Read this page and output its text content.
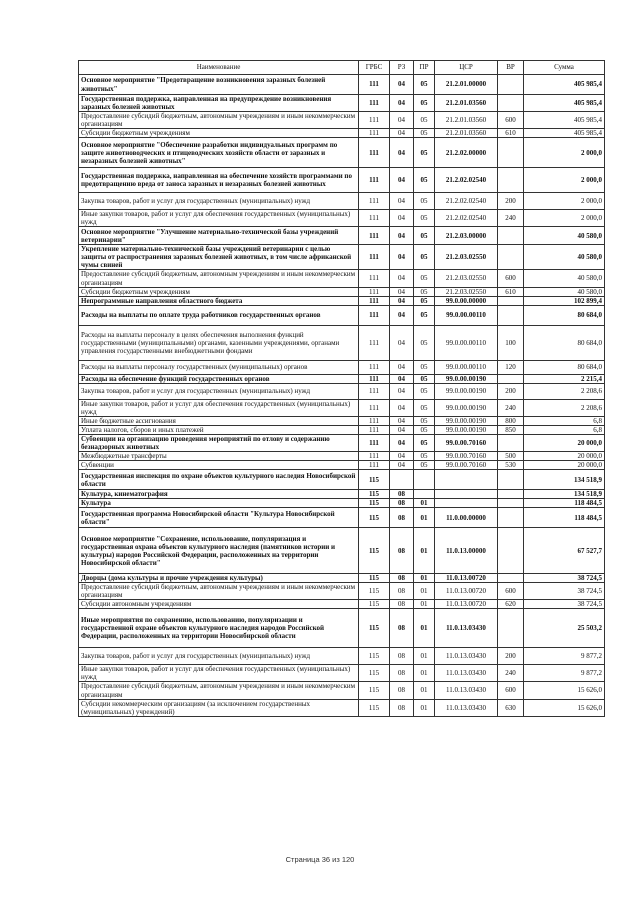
Наименование	ГРБС	РЗ	ПР	ЦСР	ВР	Сумма
Основное мероприятие "Предотвращение возникновения заразных болезней животных"	111	04	05	21.2.01.00000		405 985,4
Государственная поддержка, направленная на предупреждение возникновения заразных болезней животных	111	04	05	21.2.01.03560		405 985,4
Предоставление субсидий бюджетным, автономным учреждениям и иным некоммерческим организациям	111	04	05	21.2.01.03560	600	405 985,4
Субсидии бюджетным учреждениям	111	04	05	21.2.01.03560	610	405 985,4
Основное мероприятие "Обеспечение разработки индивидуальных программ по защите животноводческих и птицеводческих хозяйств области от заразных и незаразных болезней животных"	111	04	05	21.2.02.00000		2 000,0
Государственная поддержка, направленная на обеспечение хозяйств программами по предотвращению вреда от заноса заразных и незаразных болезней животных	111	04	05	21.2.02.02540		2 000,0
Закупка товаров, работ и услуг для государственных (муниципальных) нужд	111	04	05	21.2.02.02540	200	2 000,0
Иные закупки товаров, работ и услуг для обеспечения государственных (муниципальных) нужд	111	04	05	21.2.02.02540	240	2 000,0
Основное мероприятие "Улучшение материально-технической базы учреждений ветеринарии"	111	04	05	21.2.03.00000		40 580,0
Укрепление материально-технической базы учреждений ветеринарии с целью защиты от распространения заразных болезней животных, в том числе африканской чумы свиней	111	04	05	21.2.03.02550		40 580,0
Предоставление субсидий бюджетным, автономным учреждениям и иным некоммерческим организациям	111	04	05	21.2.03.02550	600	40 580,0
Субсидии бюджетным учреждениям	111	04	05	21.2.03.02550	610	40 580,0
Непрограммные направления областного бюджета	111	04	05	99.0.00.00000		102 899,4
Расходы на выплаты по оплате труда работников государственных органов	111	04	05	99.0.00.00110		80 684,0
Расходы на выплаты персоналу в целях обеспечения выполнения функций государственными (муниципальными) органами, казенными учреждениями, органами управления государственными внебюджетными фондами	111	04	05	99.0.00.00110	100	80 684,0
Расходы на выплаты персоналу государственных (муниципальных) органов	111	04	05	99.0.00.00110	120	80 684,0
Расходы на обеспечение функций государственных органов	111	04	05	99.0.00.00190		2 215,4
Закупка товаров, работ и услуг для государственных (муниципальных) нужд	111	04	05	99.0.00.00190	200	2 208,6
Иные закупки товаров, работ и услуг для обеспечения государственных (муниципальных) нужд	111	04	05	99.0.00.00190	240	2 208,6
Иные бюджетные ассигнования	111	04	05	99.0.00.00190	800	6,8
Уплата налогов, сборов и иных платежей	111	04	05	99.0.00.00190	850	6,8
Субвенции на организацию проведения мероприятий по отлову и содержанию безнадзорных животных	111	04	05	99.0.00.70160		20 000,0
Межбюджетные трансферты	111	04	05	99.0.00.70160	500	20 000,0
Субвенции	111	04	05	99.0.00.70160	530	20 000,0
Государственная инспекция по охране объектов культурного наследия Новосибирской области	115					134 518,9
Культура, кинематография	115	08				134 518,9
Культура	115	08	01			118 484,5
Государственная программа Новосибирской области "Культура Новосибирской области"	115	08	01	11.0.00.00000		118 484,5
Основное мероприятие "Сохранение, использование, популяризация и государственная охрана объектов культурного наследия (памятников истории и культуры) народов Российской Федерации, расположенных на территории Новосибирской области"	115	08	01	11.0.13.00000		67 527,7
Дворцы (дома культуры и прочие учреждения культуры)	115	08	01	11.0.13.00720		38 724,5
Предоставление субсидий бюджетным, автономным учреждениям и иным некоммерческим организациям	115	08	01	11.0.13.00720	600	38 724,5
Субсидии автономным учреждениям	115	08	01	11.0.13.00720	620	38 724,5
Иные мероприятия по сохранению, использованию, популяризации и государственной охране объектов культурного наследия народов Российской Федерации, расположенных на территории Новосибирской области	115	08	01	11.0.13.03430		25 503,2
Закупка товаров, работ и услуг для государственных (муниципальных) нужд	115	08	01	11.0.13.03430	200	9 877,2
Иные закупки товаров, работ и услуг для обеспечения государственных (муниципальных) нужд	115	08	01	11.0.13.03430	240	9 877,2
Предоставление субсидий бюджетным, автономным учреждениям и иным некоммерческим организациям	115	08	01	11.0.13.03430	600	15 626,0
Субсидии некоммерческим организациям (за исключением государственных (муниципальных) учреждений)	115	08	01	11.0.13.03430	630	15 626,0
Страница 36 из 120
